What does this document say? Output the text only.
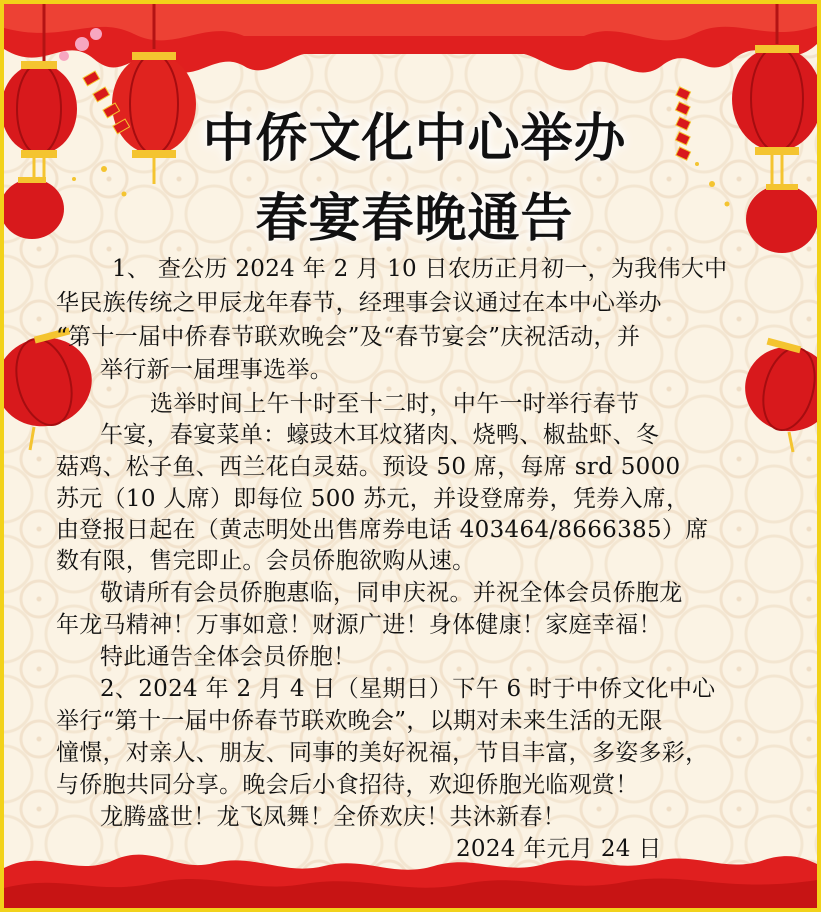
中侨文化中心举办
春宴春晚通告
1、 查公历 2024 年 2 月 10 日农历正月初一，为我伟大中
华民族传统之甲辰龙年春节，经理事会议通过在本中心举办
“第十一届中侨春节联欢晚会”及“春节宴会”庆祝活动，并
举行新一届理事选举。
选举时间上午十时至十二时，中午一时举行春节
午宴，春宴菜单：蠔豉木耳炆猪肉、烧鸭、椒盐虾、冬
菇鸡、松子鱼、西兰花白灵菇。预设 50 席，每席 srd 5000
苏元（10 人席）即每位 500 苏元，并设登席券，凭券入席，
由登报日起在（黄志明处出售席券电话 403464/8666385）席
数有限，售完即止。会员侨胞欲购从速。
敬请所有会员侨胞惠临，同申庆祝。并祝全体会员侨胞龙
年龙马精神！万事如意！财源广进！身体健康！家庭幸福！
特此通告全体会员侨胞！
2、2024 年 2 月 4 日（星期日）下午 6 时于中侨文化中心
举行“第十一届中侨春节联欢晚会”，以期对未来生活的无限
憧憬，对亲人、朋友、同事的美好祝福，节目丰富，多姿多彩，
与侨胞共同分享。晚会后小食招待，欢迎侨胞光临观赏！
龙腾盛世！龙飞凤舞！全侨欢庆！共沐新春！
2024 年元月 24 日
